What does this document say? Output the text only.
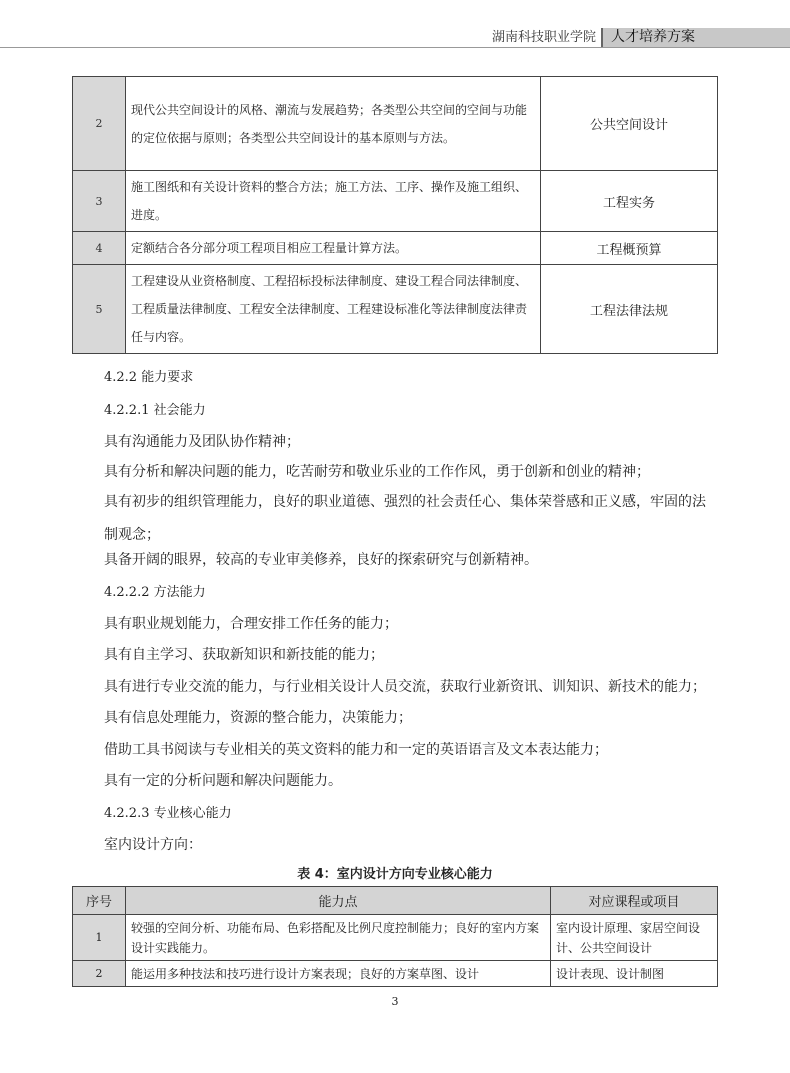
湖南科技职业学院	人才培养方案
2	现代公共空间设计的风格、潮流与发展趋势；各类型公共空间的空间与功能的定位依据与原则；各类型公共空间设计的基本原则与方法。	公共空间设计
3	施工图纸和有关设计资料的整合方法；施工方法、工序、操作及施工组织、进度。	工程实务
4	定额结合各分部分项工程项目相应工程量计算方法。	工程概预算
5	工程建设从业资格制度、工程招标投标法律制度、建设工程合同法律制度、工程质量法律制度、工程安全法律制度、工程建设标准化等法律制度法律责任与内容。	工程法律法规
4.2.2 能力要求
4.2.2.1 社会能力
具有沟通能力及团队协作精神；
具有分析和解决问题的能力，吃苦耐劳和敬业乐业的工作作风，勇于创新和创业的精神；
具有初步的组织管理能力，良好的职业道德、强烈的社会责任心、集体荣誉感和正义感，牢固的法制观念；
具备开阔的眼界，较高的专业审美修养，良好的探索研究与创新精神。
4.2.2.2 方法能力
具有职业规划能力，合理安排工作任务的能力；
具有自主学习、获取新知识和新技能的能力；
具有进行专业交流的能力，与行业相关设计人员交流，获取行业新资讯、训知识、新技术的能力；
具有信息处理能力，资源的整合能力，决策能力；
借助工具书阅读与专业相关的英文资料的能力和一定的英语语言及文本表达能力；
具有一定的分析问题和解决问题能力。
4.2.2.3 专业核心能力
室内设计方向：
表 4：室内设计方向专业核心能力
序号	能力点	对应课程或项目
1	较强的空间分析、功能布局、色彩搭配及比例尺度控制能力；良好的室内方案设计实践能力。	室内设计原理、家居空间设计、公共空间设计
2	能运用多种技法和技巧进行设计方案表现；良好的方案草图、设计	设计表现、设计制图
3
